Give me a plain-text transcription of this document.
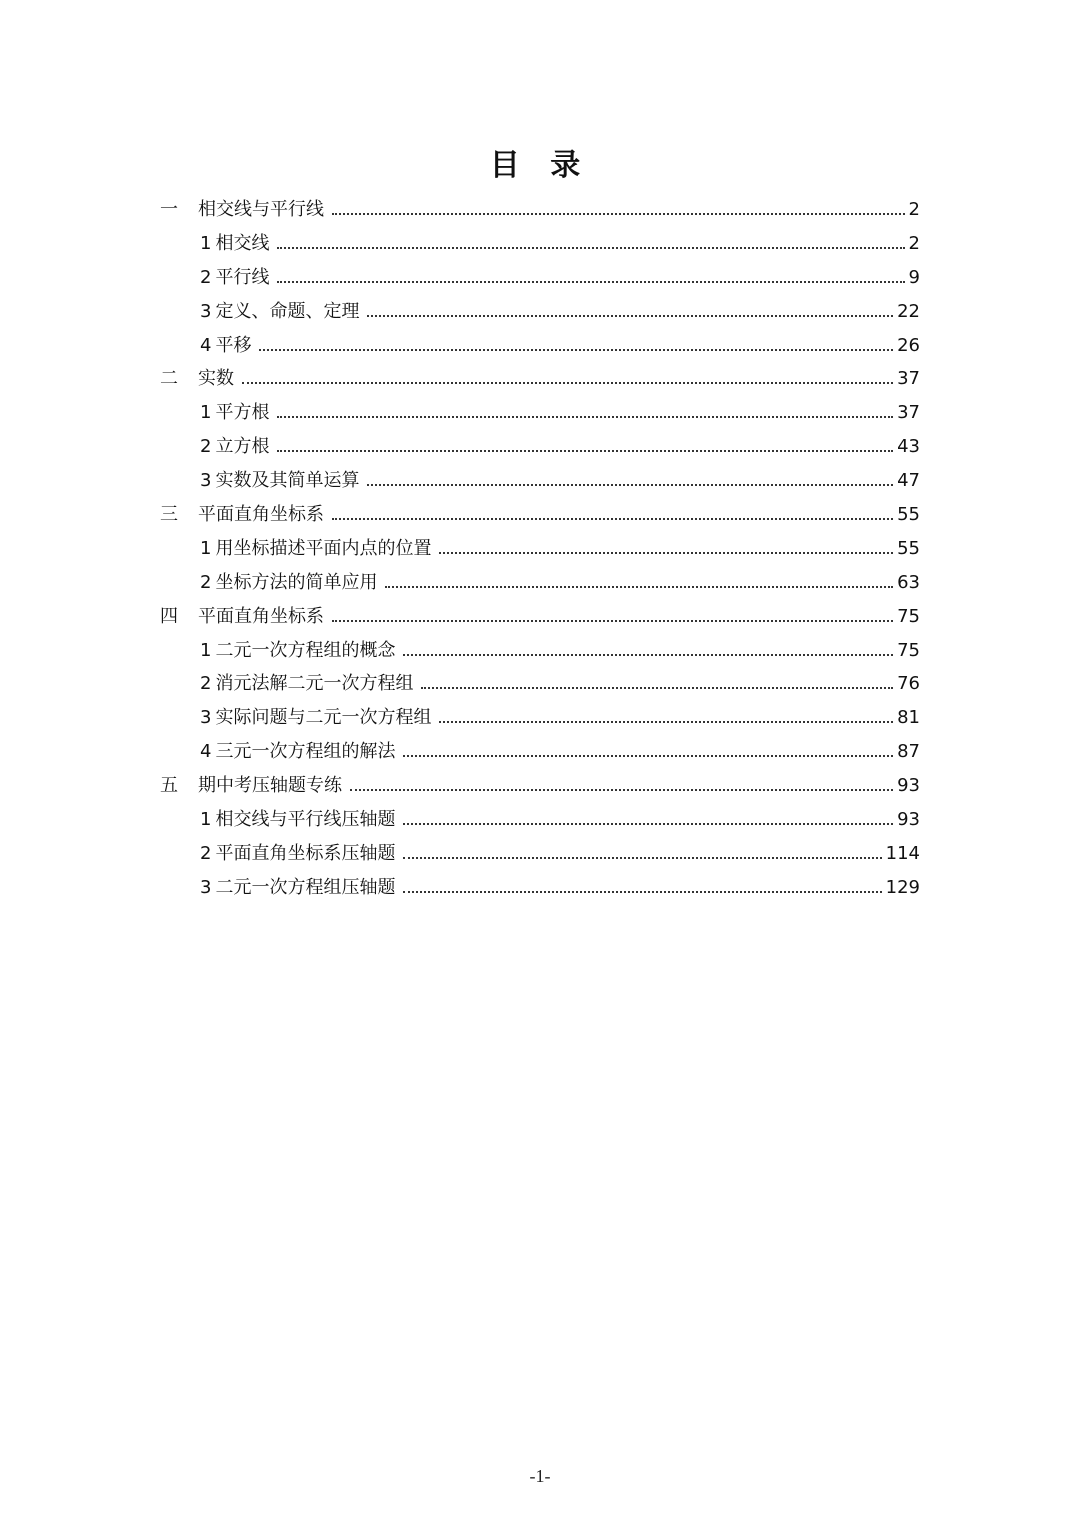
目 录
一	相交线与平行线	2
1 相交线	2
2 平行线	9
3 定义、命题、定理	22
4 平移	26
二	实数	37
1 平方根	37
2 立方根	43
3 实数及其简单运算	47
三	平面直角坐标系	55
1 用坐标描述平面内点的位置	55
2 坐标方法的简单应用	63
四	平面直角坐标系	75
1 二元一次方程组的概念	75
2 消元法解二元一次方程组	76
3 实际问题与二元一次方程组	81
4 三元一次方程组的解法	87
五	期中考压轴题专练	93
1 相交线与平行线压轴题	93
2 平面直角坐标系压轴题	114
3 二元一次方程组压轴题	129
-1-
